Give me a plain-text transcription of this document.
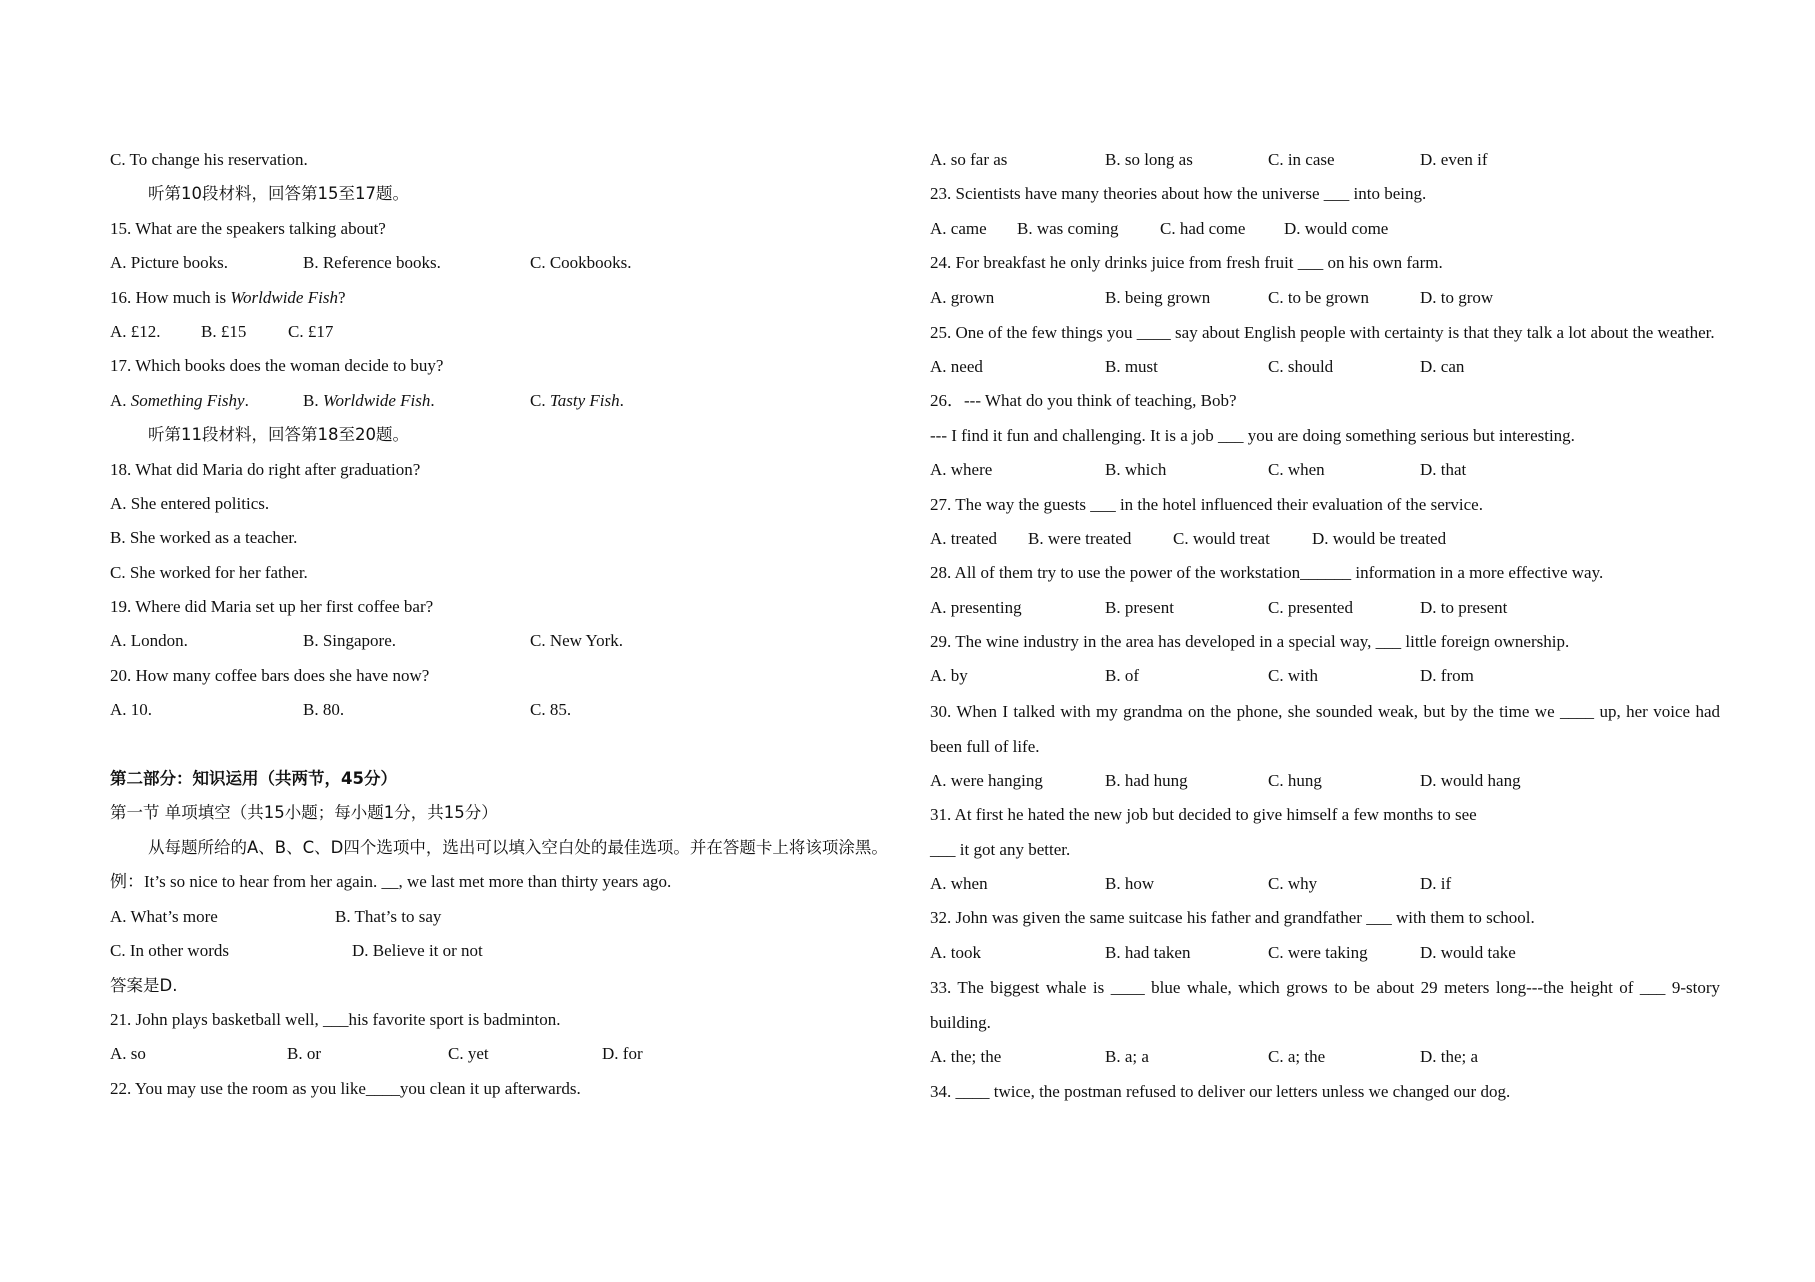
C. To change his reservation.
听第10段材料，回答第15至17题。
15. What are the speakers talking about?
A. Picture books.	B. Reference books.	C. Cookbooks.
16. How much is Worldwide Fish?
A. £12. B. £15 C. £17
17. Which books does the woman decide to buy?
A. Something Fishy.	B. Worldwide Fish.	C. Tasty Fish.
听第11段材料，回答第18至20题。
18. What did Maria do right after graduation?
A. She entered politics.
B. She worked as a teacher.
C. She worked for her father.
19. Where did Maria set up her first coffee bar?
A. London.	B. Singapore.	C. New York.
20. How many coffee bars does she have now?
A. 10.	B. 80.	C. 85.
第二部分：知识运用（共两节，45分）
第一节 单项填空（共15小题；每小题1分，共15分）
从每题所给的A、B、C、D四个选项中，选出可以填入空白处的最佳选项。并在答题卡上将该项涂黑。
例：It’s so nice to hear from her again. __, we last met more than thirty years ago.
A. What’s more	B. That’s to say
C. In other words	D. Believe it or not
答案是D.
21. John plays basketball well, ___his favorite sport is badminton.
A. so	B. or	C. yet	D. for
22. You may use the room as you like____you clean it up afterwards.
A. so far as	B. so long as	C. in case	D. even if
23. Scientists have many theories about how the universe ___ into being.
A. came B. was coming C. had come D. would come
24. For breakfast he only drinks juice from fresh fruit ___ on his own farm.
A. grown	B. being grown	C. to be grown	D. to grow
25. One of the few things you ____ say about English people with certainty is that they talk a lot about the weather.
A. need	B. must	C. should	D. can
26．--- What do you think of teaching, Bob?
--- I find it fun and challenging. It is a job ___ you are doing something serious but interesting.
A. where	B. which	C. when	D. that
27. The way the guests ___ in the hotel influenced their evaluation of the service.
A. treated B. were treated C. would treat D. would be treated
28. All of them try to use the power of the workstation______ information in a more effective way.
A. presenting	B. present	C. presented	D. to present
29. The wine industry in the area has developed in a special way, ___ little foreign ownership.
A. by	B. of	C. with	D. from
30. When I talked with my grandma on the phone, she sounded weak, but by the time we ____ up, her voice had been full of life.
A. were hanging	B. had hung	C. hung	D. would hang
31. At first he hated the new job but decided to give himself a few months to see
___ it got any better.
A. when	B. how	C. why	D. if
32. John was given the same suitcase his father and grandfather ___ with them to school.
A. took	B. had taken	C. were taking	D. would take
33. The biggest whale is ____ blue whale, which grows to be about 29 meters long---the height of ___ 9-story building.
A. the; the	B. a; a	C. a; the	D. the; a
34. ____ twice, the postman refused to deliver our letters unless we changed our dog.
